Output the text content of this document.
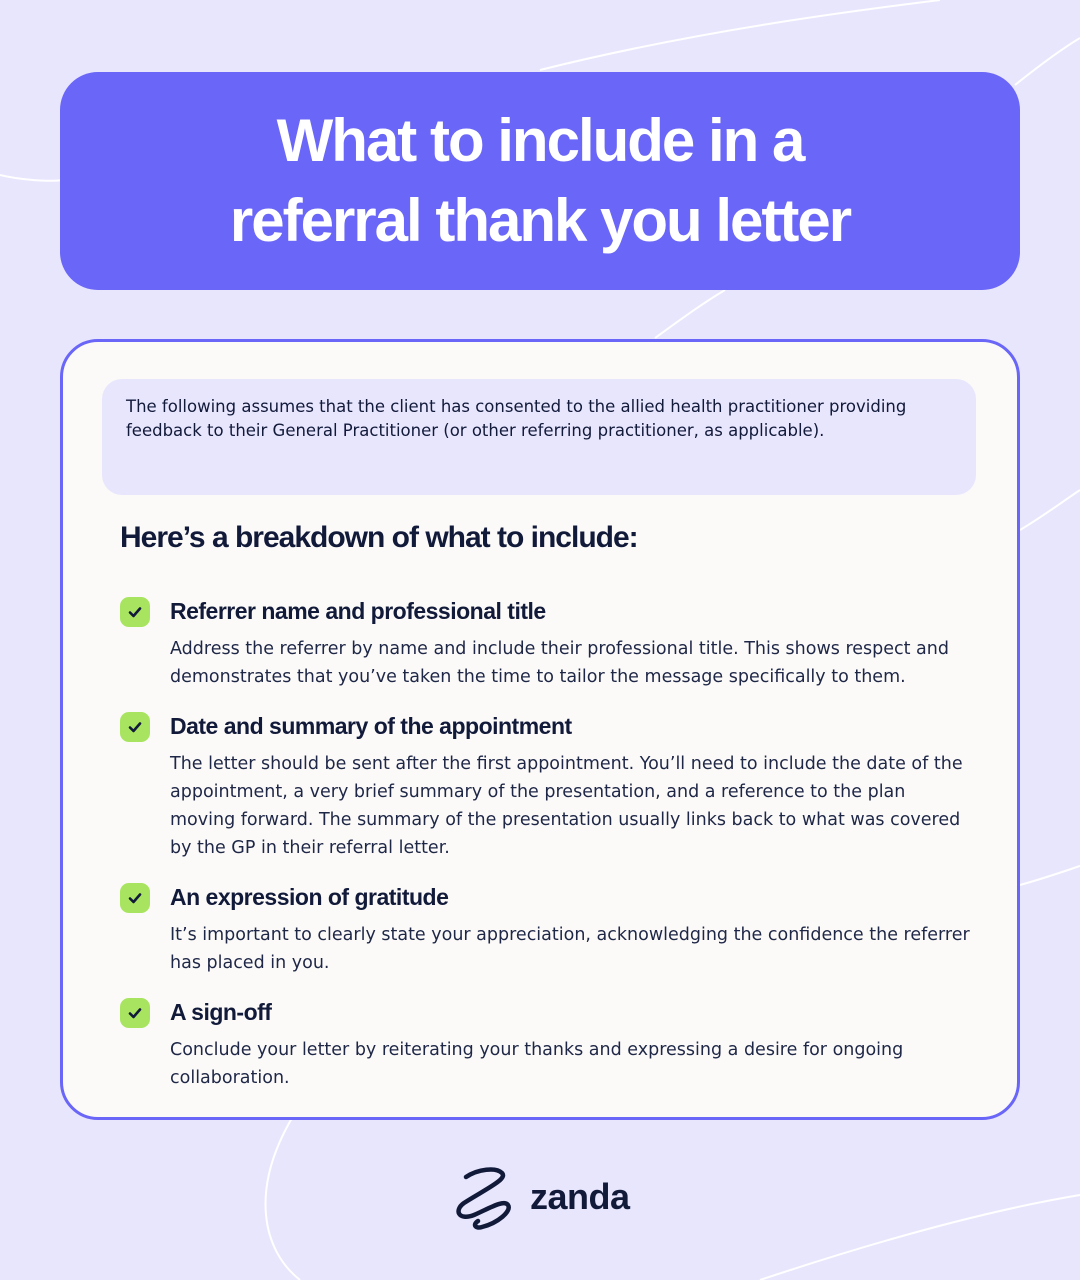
What to include in a
referral thank you letter
The following assumes that the client has consented to the allied health practitioner providing feedback to their General Practitioner (or other referring practitioner, as applicable).
Here’s a breakdown of what to include:
Referrer name and professional title
Address the referrer by name and include their professional title. This shows respect and demonstrates that you’ve taken the time to tailor the message specifically to them.
Date and summary of the appointment
The letter should be sent after the first appointment. You’ll need to include the date of the appointment, a very brief summary of the presentation, and a reference to the plan moving forward. The summary of the presentation usually links back to what was covered by the GP in their referral letter.
An expression of gratitude
It’s important to clearly state your appreciation, acknowledging the confidence the referrer has placed in you.
A sign-off
Conclude your letter by reiterating your thanks and expressing a desire for ongoing collaboration.
zanda
